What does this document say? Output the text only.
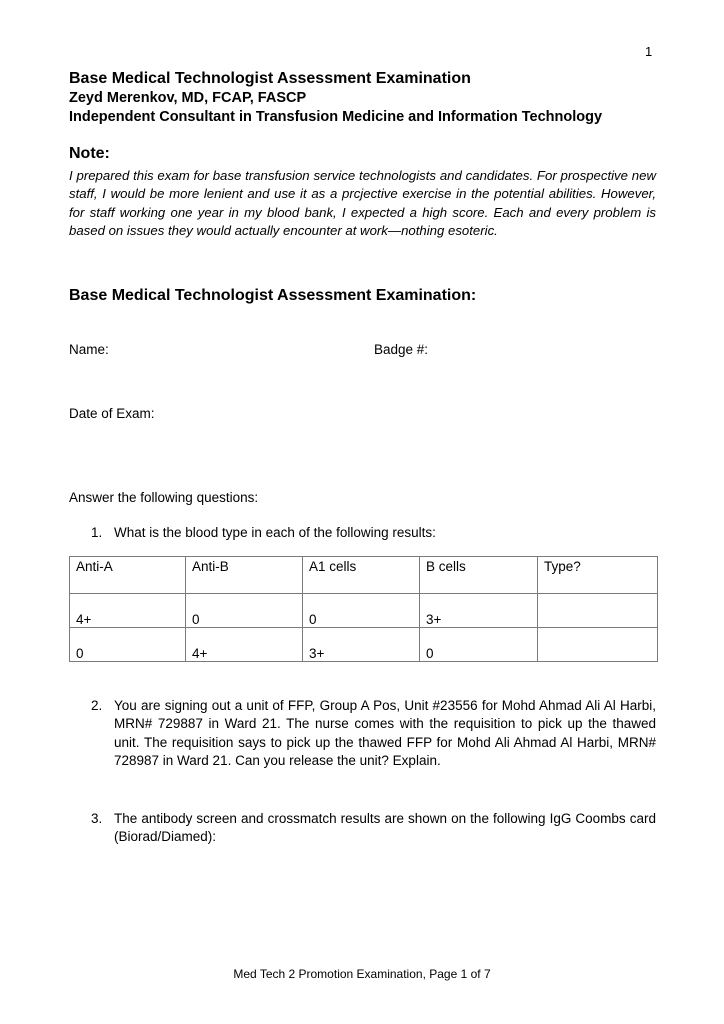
1
Base Medical Technologist Assessment Examination
Zeyd Merenkov, MD, FCAP, FASCP
Independent Consultant in Transfusion Medicine and Information Technology
Note:
I prepared this exam for base transfusion service technologists and candidates. For prospective new staff, I would be more lenient and use it as a prcjective exercise in the potential abilities. However, for staff working one year in my blood bank, I expected a high score. Each and every problem is based on issues they would actually encounter at work—nothing esoteric.
Base Medical Technologist Assessment Examination:
Name:	Badge #:
Date of Exam:
Answer the following questions:
1. What is the blood type in each of the following results:
Anti-A	Anti-B	A1 cells	B cells	Type?
4+	0	0	3+	
0	4+	3+	0	
2. You are signing out a unit of FFP, Group A Pos, Unit #23556 for Mohd Ahmad Ali Al Harbi, MRN# 729887 in Ward 21. The nurse comes with the requisition to pick up the thawed unit. The requisition says to pick up the thawed FFP for Mohd Ali Ahmad Al Harbi, MRN# 728987 in Ward 21. Can you release the unit? Explain.
3. The antibody screen and crossmatch results are shown on the following IgG Coombs card (Biorad/Diamed):
Med Tech 2 Promotion Examination, Page 1 of 7
